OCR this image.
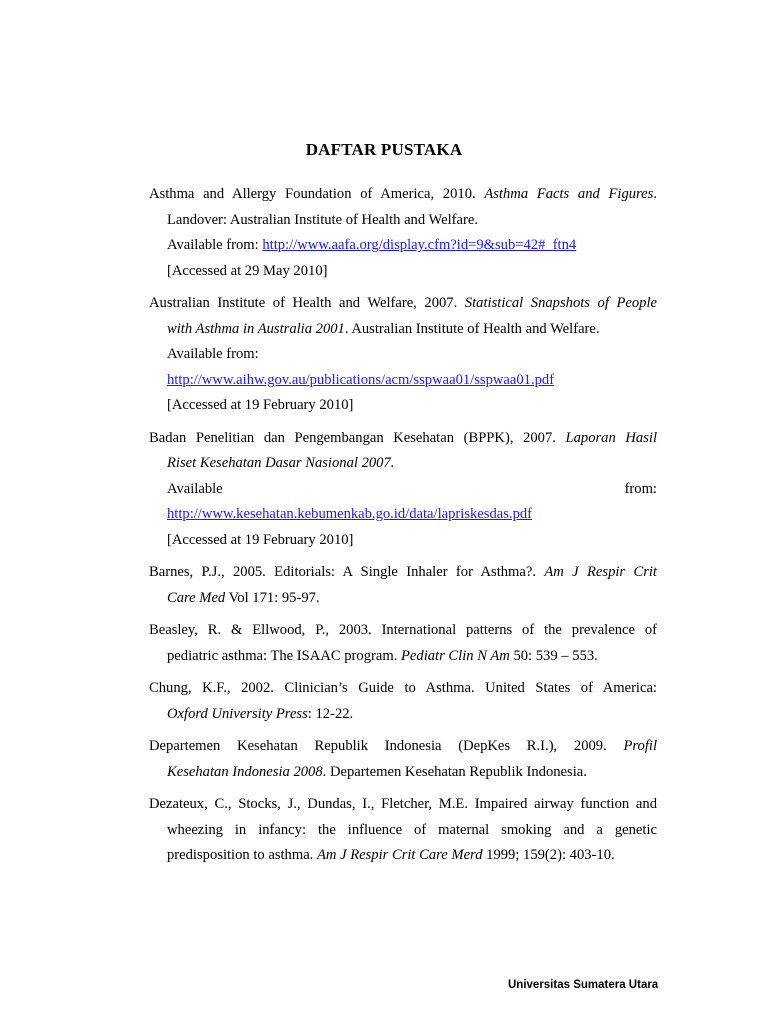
DAFTAR PUSTAKA
Asthma and Allergy Foundation of America, 2010. Asthma Facts and Figures.
Landover: Australian Institute of Health and Welfare.
Available from: http://www.aafa.org/display.cfm?id=9&sub=42#_ftn4
[Accessed at 29 May 2010]
Australian Institute of Health and Welfare, 2007. Statistical Snapshots of People
with Asthma in Australia 2001. Australian Institute of Health and Welfare.
Available from:
http://www.aihw.gov.au/publications/acm/sspwaa01/sspwaa01.pdf
[Accessed at 19 February 2010]
Badan Penelitian dan Pengembangan Kesehatan (BPPK), 2007. Laporan Hasil
Riset Kesehatan Dasar Nasional 2007.
Available	from:
http://www.kesehatan.kebumenkab.go.id/data/lapriskesdas.pdf
[Accessed at 19 February 2010]
Barnes, P.J., 2005. Editorials: A Single Inhaler for Asthma?. Am J Respir Crit
Care Med Vol 171: 95-97.
Beasley, R. & Ellwood, P., 2003. International patterns of the prevalence of
pediatric asthma: The ISAAC program. Pediatr Clin N Am 50: 539 – 553.
Chung, K.F., 2002. Clinician’s Guide to Asthma. United States of America:
Oxford University Press: 12-22.
Departemen Kesehatan Republik Indonesia (DepKes R.I.), 2009. Profil
Kesehatan Indonesia 2008. Departemen Kesehatan Republik Indonesia.
Dezateux, C., Stocks, J., Dundas, I., Fletcher, M.E. Impaired airway function and
wheezing in infancy: the influence of maternal smoking and a genetic
predisposition to asthma. Am J Respir Crit Care Merd 1999; 159(2): 403-10.
Universitas Sumatera Utara
